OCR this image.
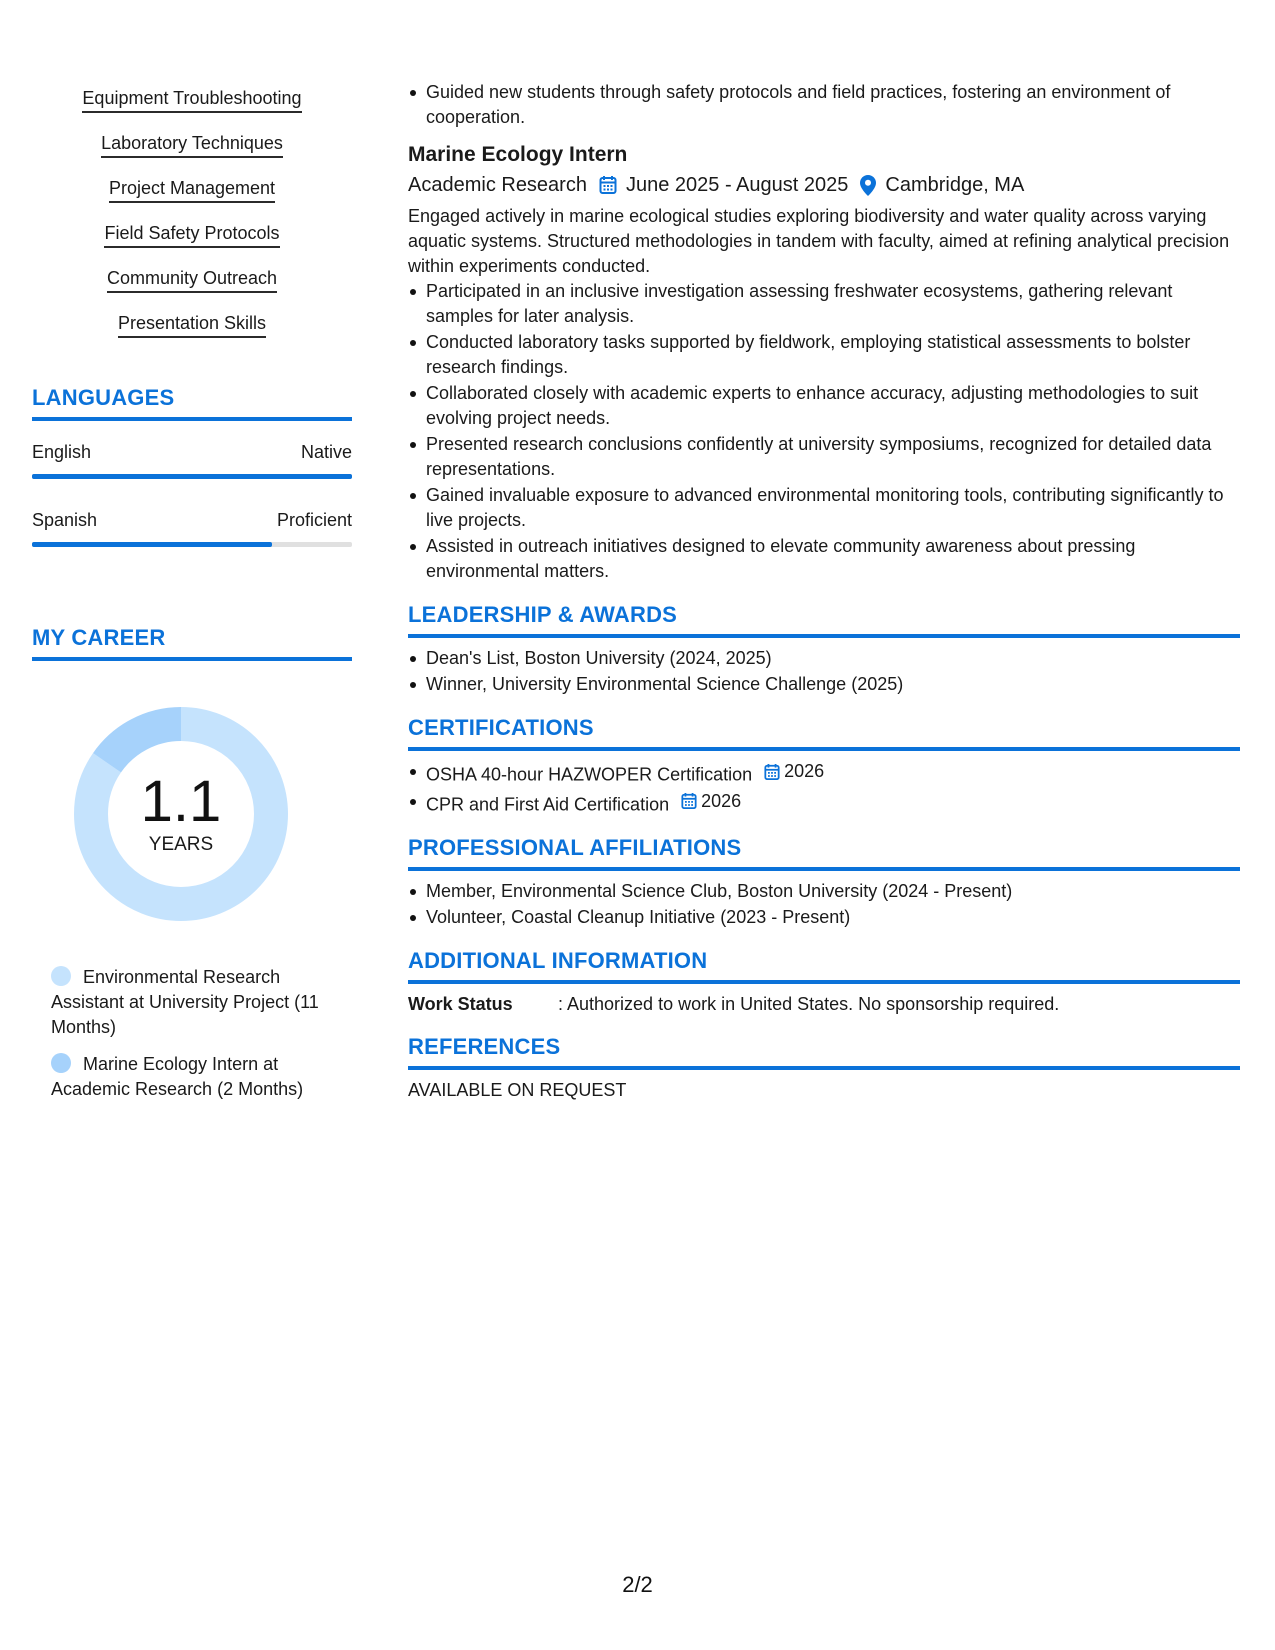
Equipment Troubleshooting
Laboratory Techniques
Project Management
Field Safety Protocols
Community Outreach
Presentation Skills
LANGUAGES
English	Native
Spanish	Proficient
MY CAREER
1.1
YEARS
Environmental Research Assistant at University Project (11 Months)
Marine Ecology Intern at Academic Research (2 Months)
Guided new students through safety protocols and field practices, fostering an environment of cooperation.
Marine Ecology Intern
Academic Research June 2025 - August 2025 Cambridge, MA
Engaged actively in marine ecological studies exploring biodiversity and water quality across varying aquatic systems. Structured methodologies in tandem with faculty, aimed at refining analytical precision within experiments conducted.
Participated in an inclusive investigation assessing freshwater ecosystems, gathering relevant samples for later analysis.
Conducted laboratory tasks supported by fieldwork, employing statistical assessments to bolster research findings.
Collaborated closely with academic experts to enhance accuracy, adjusting methodologies to suit evolving project needs.
Presented research conclusions confidently at university symposiums, recognized for detailed data representations.
Gained invaluable exposure to advanced environmental monitoring tools, contributing significantly to live projects.
Assisted in outreach initiatives designed to elevate community awareness about pressing environmental matters.
LEADERSHIP & AWARDS
Dean's List, Boston University (2024, 2025)
Winner, University Environmental Science Challenge (2025)
CERTIFICATIONS
OSHA 40-hour HAZWOPER Certification 2026
CPR and First Aid Certification 2026
PROFESSIONAL AFFILIATIONS
Member, Environmental Science Club, Boston University (2024 - Present)
Volunteer, Coastal Cleanup Initiative (2023 - Present)
ADDITIONAL INFORMATION
Work Status	: Authorized to work in United States. No sponsorship required.
REFERENCES
AVAILABLE ON REQUEST
2/2
